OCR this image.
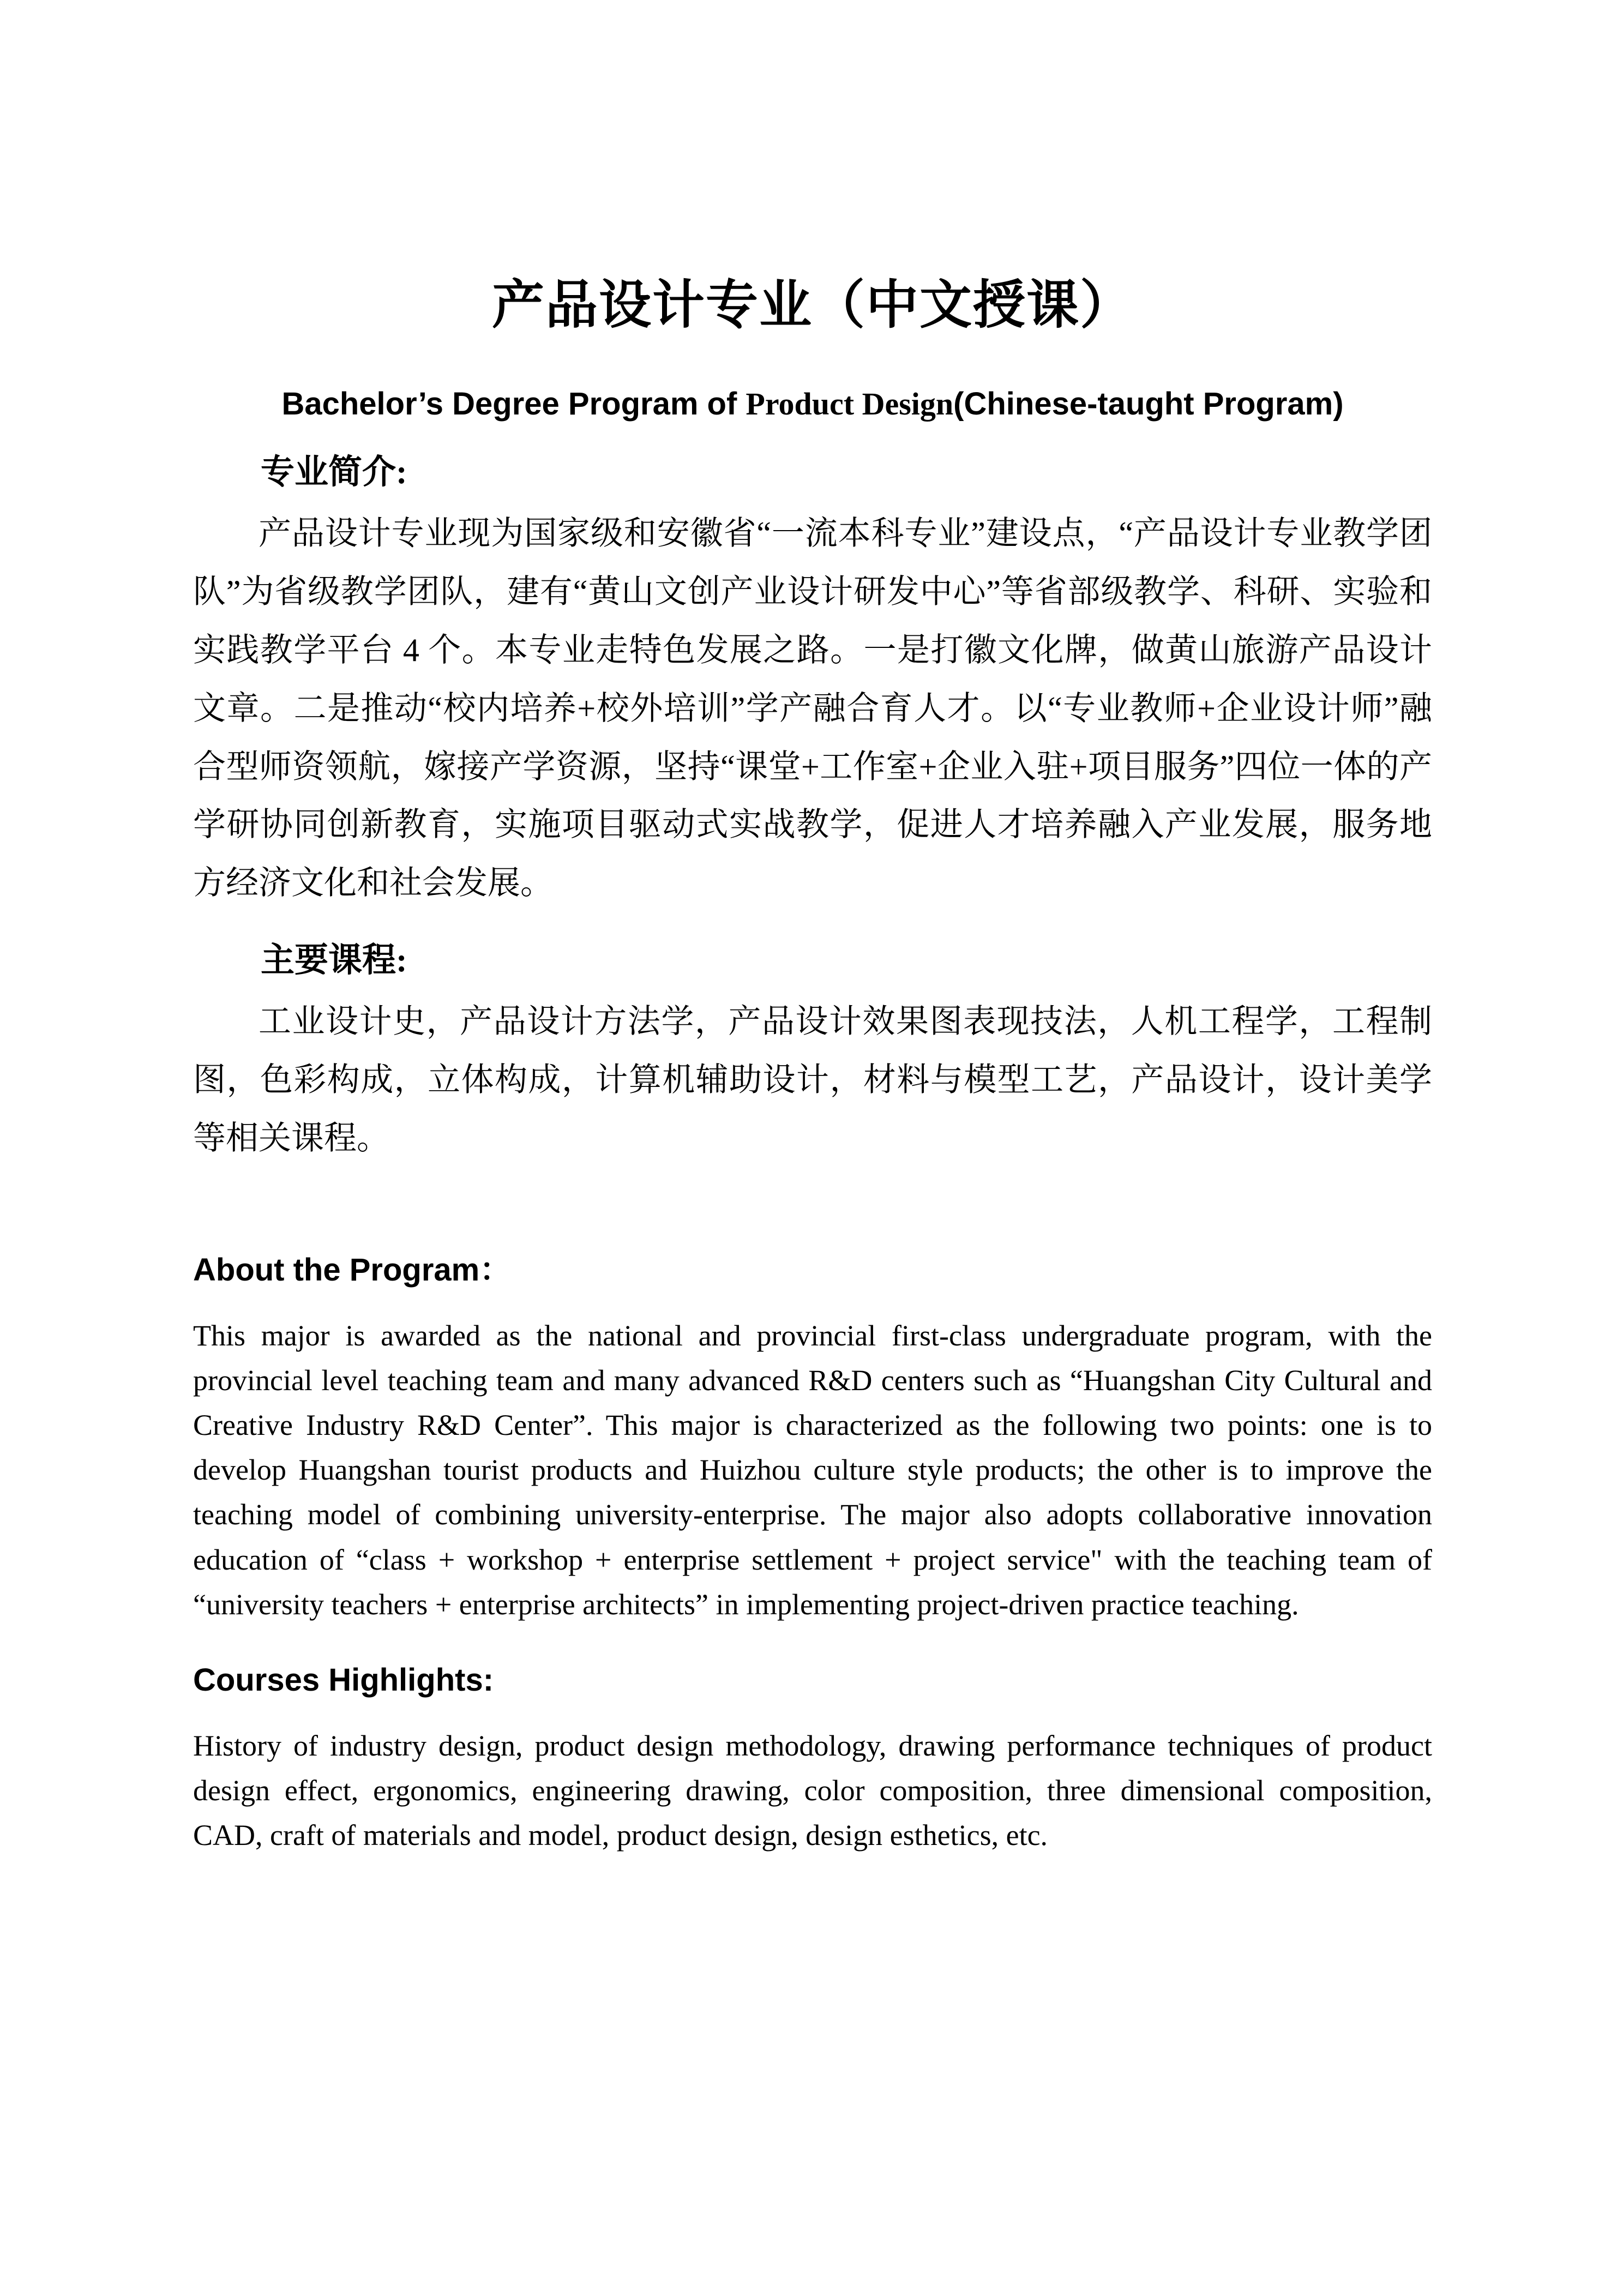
产品设计专业（中文授课）
Bachelor’s Degree Program of Product Design(Chinese-taught Program)
专业简介:

产品设计专业现为国家级和安徽省“一流本科专业”建设点，“产品设计专业教学团队”为省级教学团队，建有“黄山文创产业设计研发中心”等省部级教学、科研、实验和实践教学平台 4 个。本专业走特色发展之路。一是打徽文化牌，做黄山旅游产品设计文章。二是推动“校内培养+校外培训”学产融合育人才。以“专业教师+企业设计师”融合型师资领航，嫁接产学资源，坚持“课堂+工作室+企业入驻+项目服务”四位一体的产学研协同创新教育，实施项目驱动式实战教学，促进人才培养融入产业发展，服务地方经济文化和社会发展。

主要课程:

工业设计史，产品设计方法学，产品设计效果图表现技法，人机工程学，工程制图，色彩构成，立体构成，计算机辅助设计，材料与模型工艺，产品设计，设计美学等相关课程。

About the Program：

This major is awarded as the national and provincial first-class undergraduate program, with the provincial level teaching team and many advanced R&D centers such as “Huangshan City Cultural and Creative Industry R&D Center”. This major is characterized as the following two points: one is to develop Huangshan tourist products and Huizhou culture style products; the other is to improve the teaching model of combining university-enterprise. The major also adopts collaborative innovation education of “class + workshop + enterprise settlement + project service" with the teaching team of “university teachers + enterprise architects” in implementing project-driven practice teaching.

Courses Highlights:

History of industry design, product design methodology, drawing performance techniques of product design effect, ergonomics, engineering drawing, color composition, three dimensional composition, CAD, craft of materials and model, product design, design esthetics, etc.
